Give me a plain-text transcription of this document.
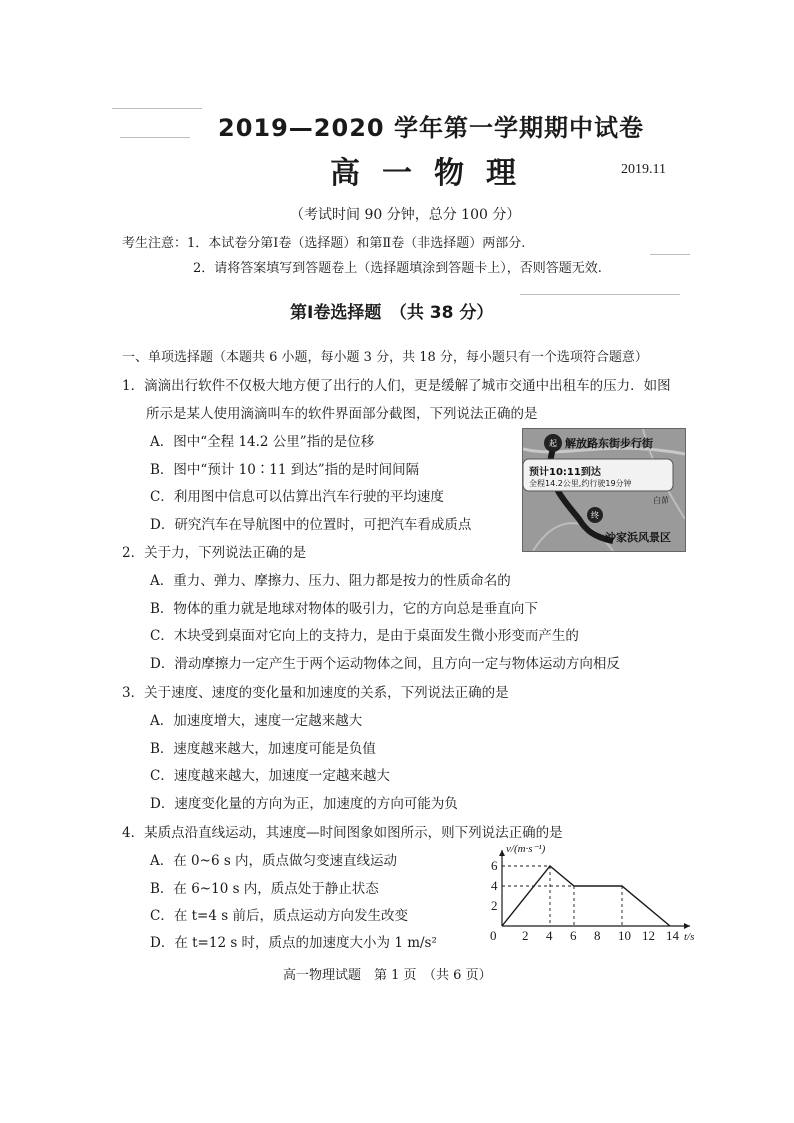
2019—2020 学年第一学期期中试卷
高一物理	2019.11
（考试时间 90 分钟，总分 100 分）
考生注意：1．本试卷分第Ⅰ卷（选择题）和第Ⅱ卷（非选择题）两部分.
2．请将答案填写到答题卷上（选择题填涂到答题卡上），否则答题无效.
第Ⅰ卷选择题　（共 38 分）
一、单项选择题（本题共 6 小题，每小题 3 分，共 18 分，每小题只有一个选项符合题意）
1．滴滴出行软件不仅极大地方便了出行的人们，更是缓解了城市交通中出租车的压力．如图
所示是某人使用滴滴叫车的软件界面部分截图，下列说法正确的是
A．图中“全程 14.2 公里”指的是位移
B．图中“预计 10∶11 到达”指的是时间间隔
C．利用图中信息可以估算出汽车行驶的平均速度
D．研究汽车在导航图中的位置时，可把汽车看成质点
解放路东街步行街
起
预计10:11到达
全程14.2公里,约行驶19分钟
白茆
终
沙家浜风景区
2．关于力，下列说法正确的是
A．重力、弹力、摩擦力、压力、阻力都是按力的性质命名的
B．物体的重力就是地球对物体的吸引力，它的方向总是垂直向下
C．木块受到桌面对它向上的支持力，是由于桌面发生微小形变而产生的
D．滑动摩擦力一定产生于两个运动物体之间，且方向一定与物体运动方向相反
3．关于速度、速度的变化量和加速度的关系，下列说法正确的是
A．加速度增大，速度一定越来越大
B．速度越来越大，加速度可能是负值
C．速度越来越大，加速度一定越来越大
D．速度变化量的方向为正，加速度的方向可能为负
4．某质点沿直线运动，其速度—时间图象如图所示，则下列说法正确的是
A．在 0~6 s 内，质点做匀变速直线运动
B．在 6~10 s 内，质点处于静止状态
C．在 t=4 s 前后，质点运动方向发生改变
D．在 t=12 s 时，质点的加速度大小为 1 m/s²	0 2 4 6 8 10 12 14
2
4
6
t/s
v/(m·s⁻¹)
高一物理试题　第 1 页　（共 6 页）
